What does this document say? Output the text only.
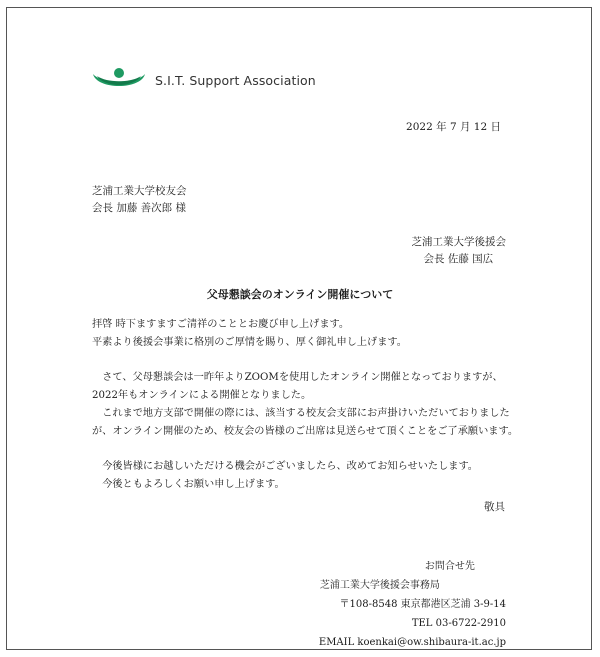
S.I.T. Support Association
2022 年 7 月 12 日
芝浦工業大学校友会
会長 加藤 善次郎 様
芝浦工業大学後援会
会長 佐藤 国広
父母懇談会のオンライン開催について

拝啓 時下ますますご清祥のこととお慶び申し上げます。

平素より後援会事業に格別のご厚情を賜り、厚く御礼申し上げます。

さて、父母懇談会は一昨年よりZOOMを使用したオンライン開催となっておりますが、2022年もオンラインによる開催となりました。

これまで地方支部で開催の際には、該当する校友会支部にお声掛けいただいておりましたが、オンライン開催のため、校友会の皆様のご出席は見送らせて頂くことをご了承願います。

今後皆様にお越しいただける機会がございましたら、改めてお知らせいたします。

今後ともよろしくお願い申し上げます。

敬具
お問合せ先
芝浦工業大学後援会事務局
〒108-8548 東京都港区芝浦 3-9-14
TEL 03-6722-2910
EMAIL koenkai@ow.shibaura-it.ac.jp
